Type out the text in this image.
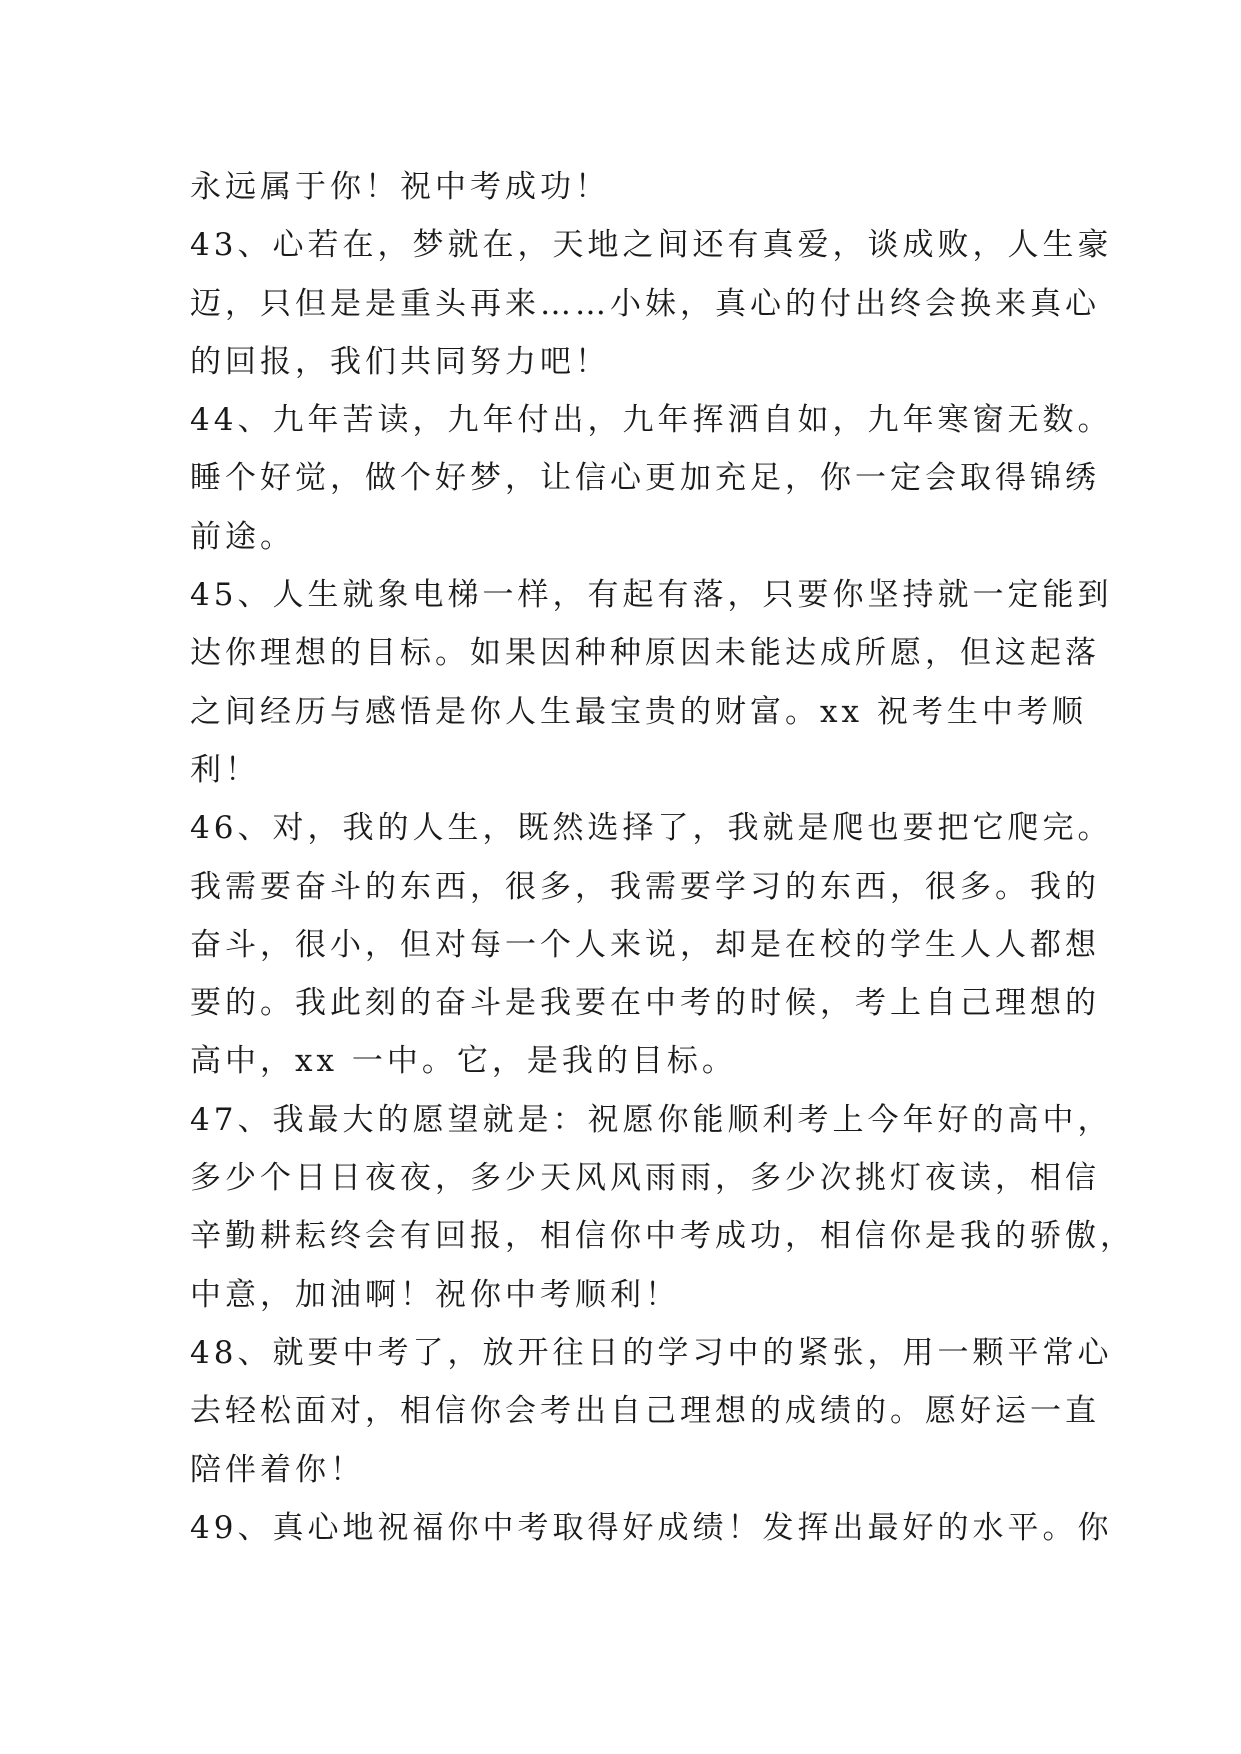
永远属于你！祝中考成功！
43、心若在，梦就在，天地之间还有真爱，谈成败，人生豪
迈，只但是是重头再来……小妹，真心的付出终会换来真心
的回报，我们共同努力吧！
44、九年苦读，九年付出，九年挥洒自如，九年寒窗无数。
睡个好觉，做个好梦，让信心更加充足，你一定会取得锦绣
前途。
45、人生就象电梯一样，有起有落，只要你坚持就一定能到
达你理想的目标。如果因种种原因未能达成所愿，但这起落
之间经历与感悟是你人生最宝贵的财富。xx 祝考生中考顺
利！
46、对，我的人生，既然选择了，我就是爬也要把它爬完。
我需要奋斗的东西，很多，我需要学习的东西，很多。我的
奋斗，很小，但对每一个人来说，却是在校的学生人人都想
要的。我此刻的奋斗是我要在中考的时候，考上自己理想的
高中，xx 一中。它，是我的目标。
47、我最大的愿望就是：祝愿你能顺利考上今年好的高中，
多少个日日夜夜，多少天风风雨雨，多少次挑灯夜读，相信
辛勤耕耘终会有回报，相信你中考成功，相信你是我的骄傲，
中意，加油啊！祝你中考顺利！
48、就要中考了，放开往日的学习中的紧张，用一颗平常心
去轻松面对，相信你会考出自己理想的成绩的。愿好运一直
陪伴着你！
49、真心地祝福你中考取得好成绩！发挥出最好的水平。你
